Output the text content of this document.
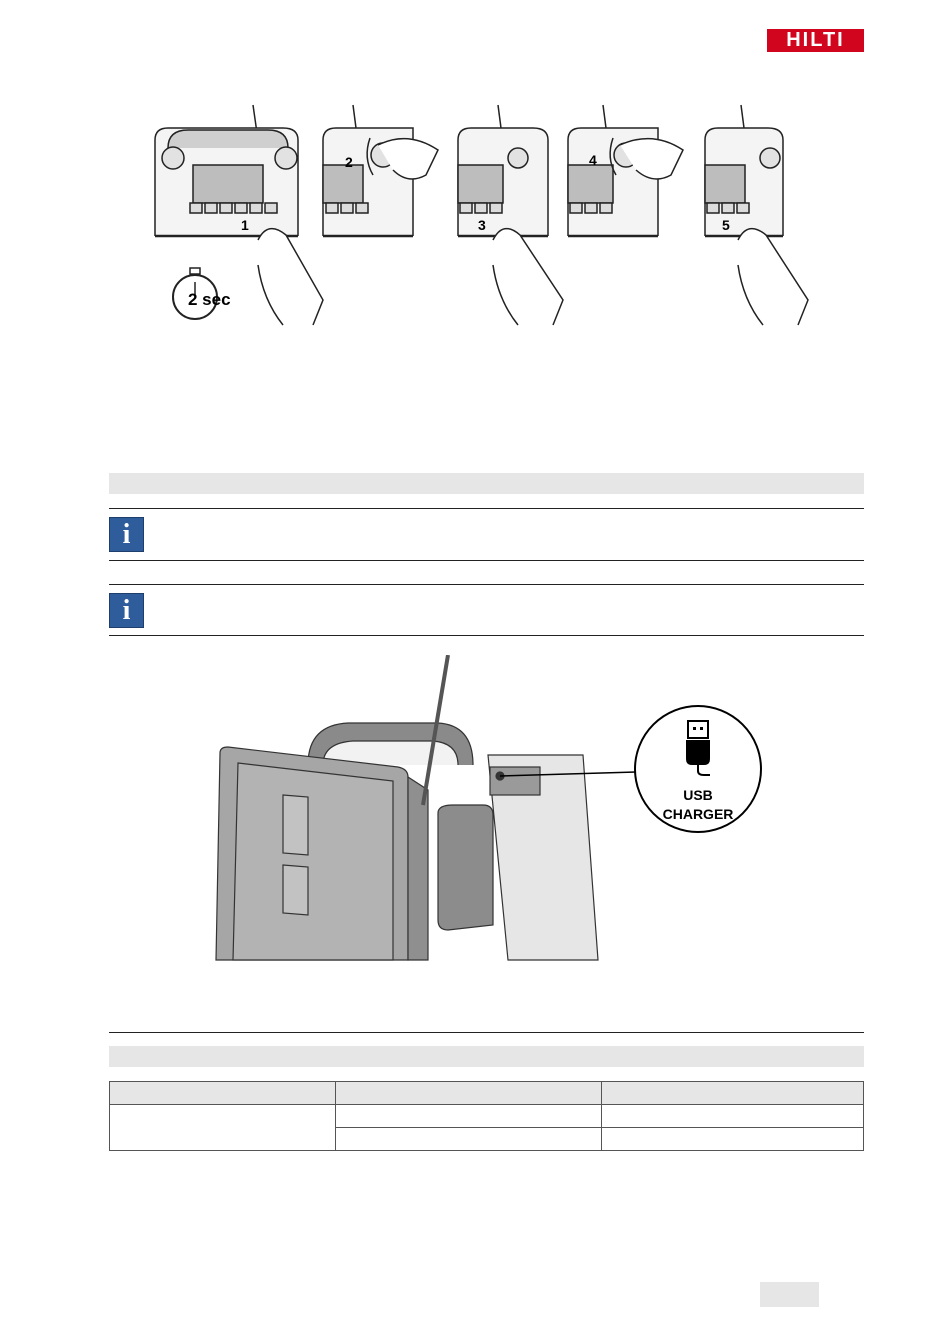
HILTI
1
2
3
4
5
2 sec
i
i
USB
CHARGER
